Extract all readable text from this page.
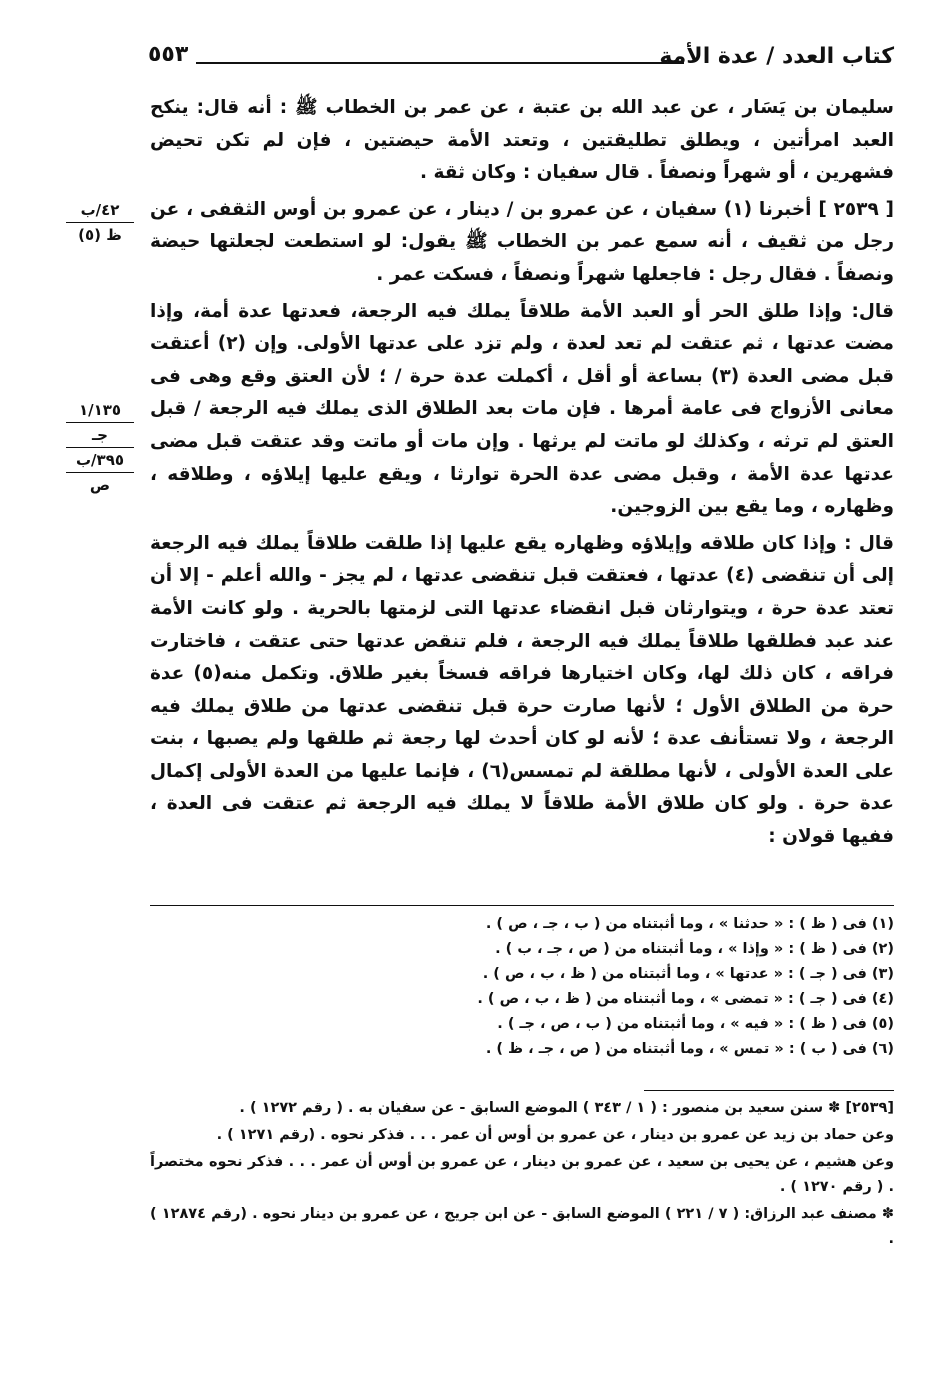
كتاب العدد / عدة الأمة
٥٥٣
٤٢/ب
ظ (٥)
١/١٣٥
جـ
٣٩٥/ب
ص

سليمان بن يَسَار ، عن عبد الله بن عتبة ، عن عمر بن الخطاب ﷺ : أنه قال: ينكح العبد امرأتين ، ويطلق تطليقتين ، وتعتد الأمة حيضتين ، فإن لم تكن تحيض فشهرين ، أو شهراً ونصفاً . قال سفيان : وكان ثقة .

[ ٢٥٣٩ ] أخبرنا (١) سفيان ، عن عمرو بن / دينار ، عن عمرو بن أوس الثقفى ، عن رجل من ثقيف ، أنه سمع عمر بن الخطاب ﷺ يقول: لو استطعت لجعلتها حيضة ونصفاً . فقال رجل : فاجعلها شهراً ونصفاً ، فسكت عمر .

قال: وإذا طلق الحر أو العبد الأمة طلاقاً يملك فيه الرجعة، فعدتها عدة أمة، وإذا مضت عدتها ، ثم عتقت لم تعد لعدة ، ولم تزد على عدتها الأولى. وإن (٢) أعتقت قبل مضى العدة (٣) بساعة أو أقل ، أكملت عدة حرة / ؛ لأن العتق وقع وهى فى معانى الأزواج فى عامة أمرها . فإن مات بعد الطلاق الذى يملك فيه الرجعة / قبل العتق لم ترثه ، وكذلك لو ماتت لم يرثها . وإن مات أو ماتت وقد عتقت قبل مضى عدتها عدة الأمة ، وقبل مضى عدة الحرة توارثا ، ويقع عليها إيلاؤه ، وطلاقه ، وظهاره ، وما يقع بين الزوجين.

قال : وإذا كان طلاقه وإيلاؤه وظهاره يقع عليها إذا طلقت طلاقاً يملك فيه الرجعة إلى أن تنقضى (٤) عدتها ، فعتقت قبل تنقضى عدتها ، لم يجز - والله أعلم - إلا أن تعتد عدة حرة ، ويتوارثان قبل انقضاء عدتها التى لزمتها بالحرية . ولو كانت الأمة عند عبد فطلقها طلاقاً يملك فيه الرجعة ، فلم تنقض عدتها حتى عتقت ، فاختارت فراقه ، كان ذلك لها، وكان اختيارها فراقه فسخاً بغير طلاق. وتكمل منه(٥) عدة حرة من الطلاق الأول ؛ لأنها صارت حرة قبل تنقضى عدتها من طلاق يملك فيه الرجعة ، ولا تستأنف عدة ؛ لأنه لو كان أحدث لها رجعة ثم طلقها ولم يصبها ، بنت على العدة الأولى ، لأنها مطلقة لم تمسس(٦) ، فإنما عليها من العدة الأولى إكمال عدة حرة . ولو كان طلاق الأمة طلاقاً لا يملك فيه الرجعة ثم عتقت فى العدة ، ففيها قولان :

(١) فى ( ظ ) : « حدثنا » ، وما أثبتناه من ( ب ، جـ ، ص ) .
(٢) فى ( ظ ) : « وإذا » ، وما أثبتناه من ( ص ، جـ ، ب ) .
(٣) فى ( جـ ) : « عدتها » ، وما أثبتناه من ( ظ ، ب ، ص ) .
(٤) فى ( جـ ) : « تمضى » ، وما أثبتناه من ( ظ ، ب ، ص ) .
(٥) فى ( ظ ) : « فيه » ، وما أثبتناه من ( ب ، ص ، جـ ) .
(٦) فى ( ب ) : « تمس » ، وما أثبتناه من ( ص ، جـ ، ظ ) .

[٢٥٣٩] ✽ سنن سعيد بن منصور : ( ١ / ٣٤٣ ) الموضع السابق - عن سفيان به . ( رقم ١٢٧٢ ) .

وعن حماد بن زيد عن عمرو بن دينار ، عن عمرو بن أوس أن عمر . . . فذكر نحوه . (رقم ١٢٧١ ) .

وعن هشيم ، عن يحيى بن سعيد ، عن عمرو بن دينار ، عن عمرو بن أوس أن عمر . . . فذكر نحوه مختصراً . ( رقم ١٢٧٠ ) .

✽ مصنف عبد الرزاق: ( ٧ / ٢٢١ ) الموضع السابق - عن ابن جريج ، عن عمرو بن دينار نحوه . (رقم ١٢٨٧٤ ) .
